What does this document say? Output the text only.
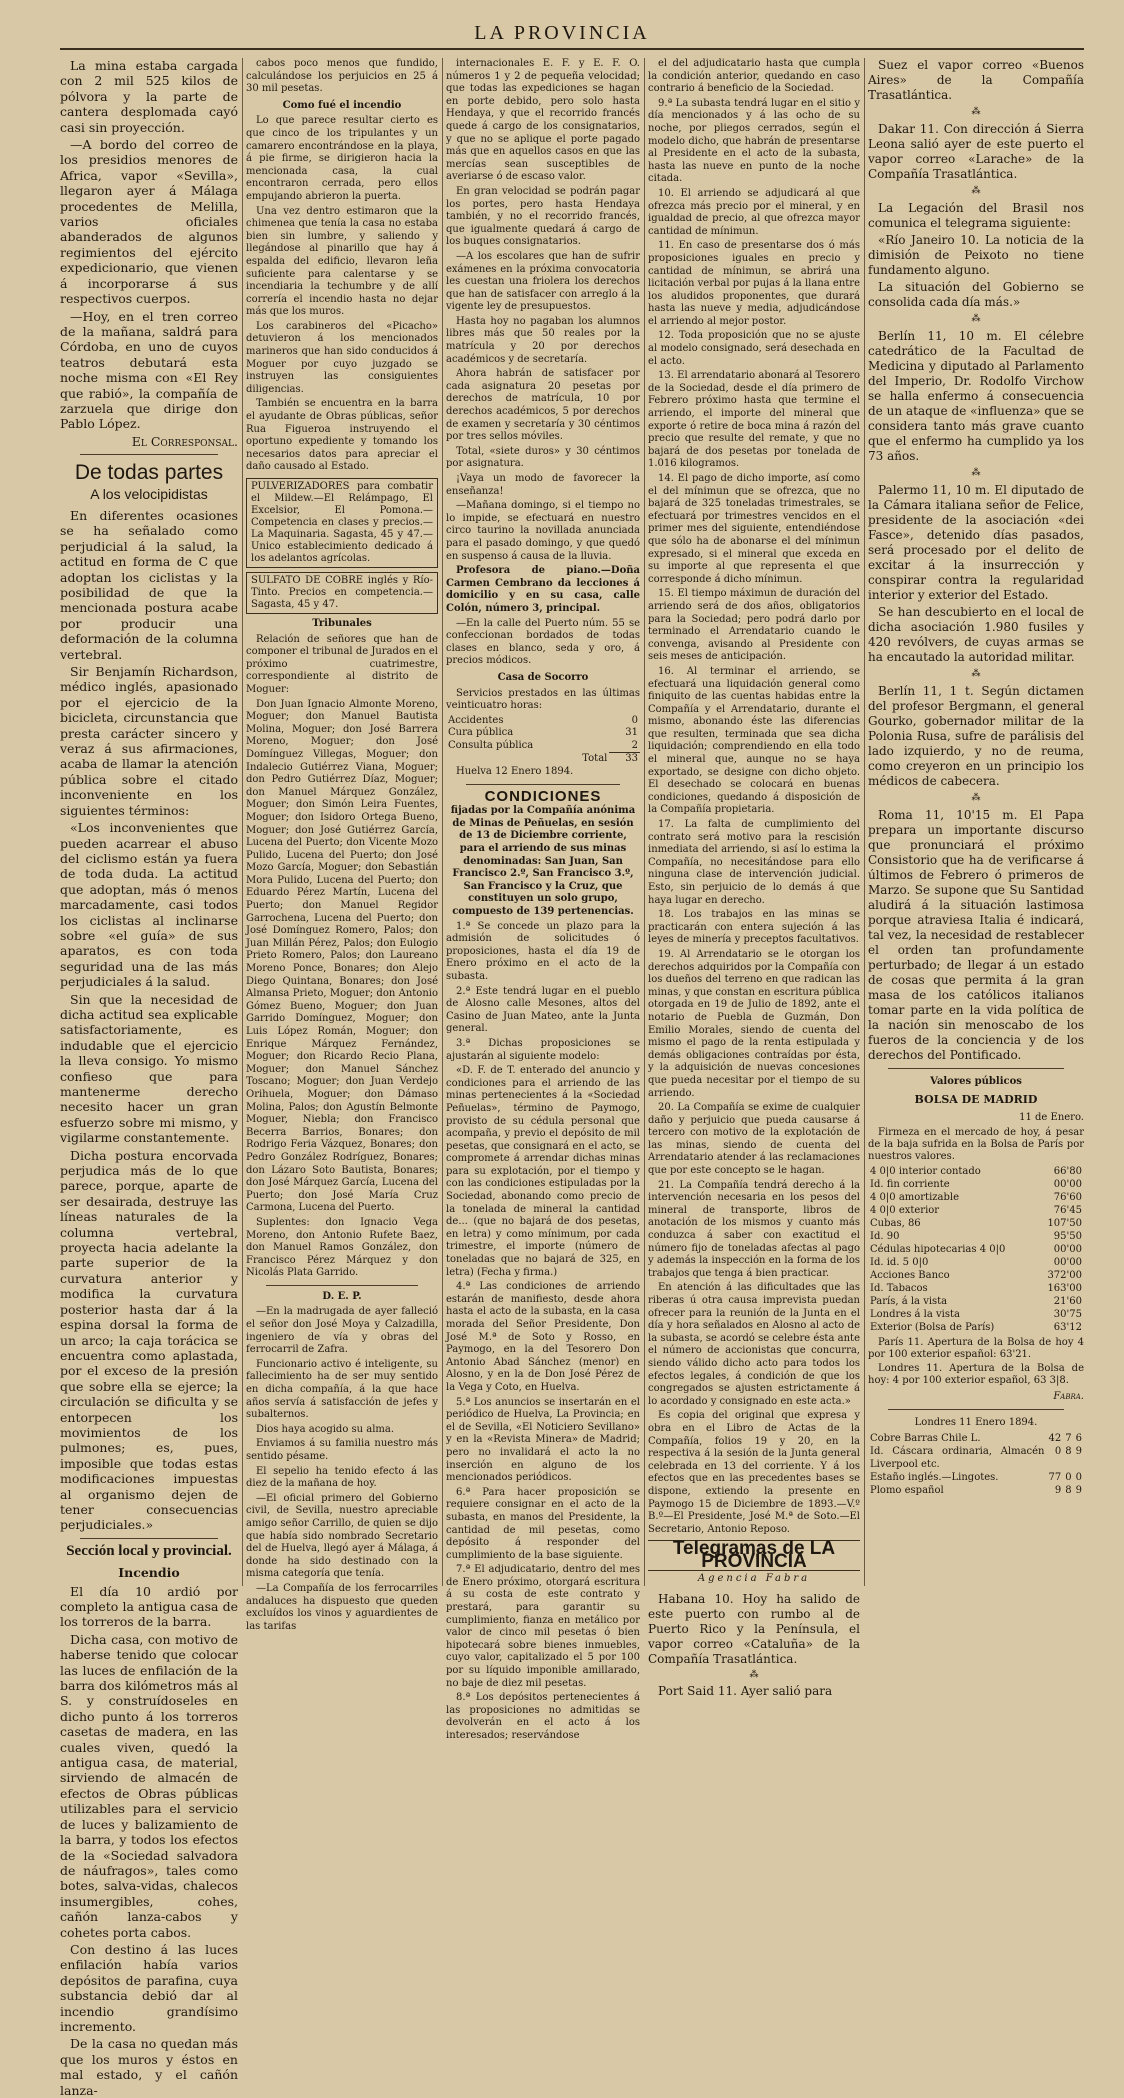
LA PROVINCIA

La mina estaba cargada con 2 mil 525 kilos de pólvora y la parte de cantera desplomada cayó casi sin proyección.

—A bordo del correo de los presidios menores de Africa, vapor «Sevilla», llegaron ayer á Málaga procedentes de Melilla, varios oficiales abanderados de algunos regimientos del ejército expedicionario, que vienen á incorporarse á sus respectivos cuerpos.

—Hoy, en el tren correo de la mañana, saldrá para Córdoba, en uno de cuyos teatros debutará esta noche misma con «El Rey que rabió», la compañía de zarzuela que dirige don Pablo López.

El Corresponsal.

De todas partes
A los velocipidistas

En diferentes ocasiones se ha señalado como perjudicial á la salud, la actitud en forma de C que adoptan los ciclistas y la posibilidad de que la mencionada postura acabe por producir una deformación de la columna vertebral.

Sir Benjamín Richardson, médico inglés, apasionado por el ejercicio de la bicicleta, circunstancia que presta carácter sincero y veraz á sus afirmaciones, acaba de llamar la atención pública sobre el citado inconveniente en los siguientes términos:

«Los inconvenientes que pueden acarrear el abuso del ciclismo están ya fuera de toda duda. La actitud que adoptan, más ó menos marcadamente, casi todos los ciclistas al inclinarse sobre «el guía» de sus aparatos, es con toda seguridad una de las más perjudiciales á la salud.

Sin que la necesidad de dicha actitud sea explicable satisfactoriamente, es indudable que el ejercicio la lleva consigo. Yo mismo confieso que para mantenerme derecho necesito hacer un gran esfuerzo sobre mi mismo, y vigilarme constantemente.

Dicha postura encorvada perjudica más de lo que parece, porque, aparte de ser desairada, destruye las líneas naturales de la columna vertebral, proyecta hacia adelante la parte superior de la curvatura anterior y modifica la curvatura posterior hasta dar á la espina dorsal la forma de un arco; la caja torácica se encuentra como aplastada, por el exceso de la presión que sobre ella se ejerce; la circulación se dificulta y se entorpecen los movimientos de los pulmones; es, pues, imposible que todas estas modificaciones impuestas al organismo dejen de tener consecuencias perjudiciales.»

Sección local y provincial.
Incendio

El día 10 ardió por completo la antigua casa de los torreros de la barra.

Dicha casa, con motivo de haberse tenido que colocar las luces de enfilación de la barra dos kilómetros más al S. y construídoseles en dicho punto á los torreros casetas de madera, en las cuales viven, quedó la antigua casa, de material, sirviendo de almacén de efectos de Obras públicas utilizables para el servicio de luces y balizamiento de la barra, y todos los efectos de la «Sociedad salvadora de náufragos», tales como botes, salva-vidas, chalecos insumergibles, cohes, cañón lanza-cabos y cohetes porta cabos.

Con destino á las luces enfilación había varios depósitos de parafina, cuya substancia debió dar al incendio grandísimo incremento.

De la casa no quedan más que los muros y éstos en mal estado, y el cañón lanza-

cabos poco menos que fundido, calculándose los perjuicios en 25 á 30 mil pesetas.

Como fué el incendio

Lo que parece resultar cierto es que cinco de los tripulantes y un camarero encontrándose en la playa, á pie firme, se dirigieron hacia la mencionada casa, la cual encontraron cerrada, pero ellos empujando abrieron la puerta.

Una vez dentro estimaron que la chimenea que tenía la casa no estaba bien sin lumbre, y saliendo y llegándose al pinarillo que hay á espalda del edificio, llevaron leña suficiente para calentarse y se incendiaria la techumbre y de allí correría el incendio hasta no dejar más que los muros.

Los carabineros del «Picacho» detuvieron á los mencionados marineros que han sido conducidos á Moguer por cuyo juzgado se instruyen las consiguientes diligencias.

También se encuentra en la barra el ayudante de Obras públicas, señor Rua Figueroa instruyendo el oportuno expediente y tomando los necesarios datos para apreciar el daño causado al Estado.

PULVERIZADORES para combatir el Mildew.—El Relámpago, El Excelsior, El Pomona.—Competencia en clases y precios.—La Maquinaria. Sagasta, 45 y 47.—Unico establecimiento dedicado á los adelantos agrícolas.
SULFATO DE COBRE inglés y Río-Tinto. Precios en competencia.—Sagasta, 45 y 47.
Tribunales

Relación de señores que han de componer el tribunal de Jurados en el próximo cuatrimestre, correspondiente al distrito de Moguer:

Don Juan Ignacio Almonte Moreno, Moguer; don Manuel Bautista Molina, Moguer; don José Barrera Moreno, Moguer; don José Domínguez Villegas, Moguer; don Indalecio Gutiérrez Viana, Moguer; don Pedro Gutiérrez Díaz, Moguer; don Manuel Márquez González, Moguer; don Simón Leira Fuentes, Moguer; don Isidoro Ortega Bueno, Moguer; don José Gutiérrez García, Lucena del Puerto; don Vicente Mozo Pulido, Lucena del Puerto; don José Mozo García, Moguer; don Sebastián Mora Pulido, Lucena del Puerto; don Eduardo Pérez Martín, Lucena del Puerto; don Manuel Regidor Garrochena, Lucena del Puerto; don José Domínguez Romero, Palos; don Juan Millán Pérez, Palos; don Eulogio Prieto Romero, Palos; don Laureano Moreno Ponce, Bonares; don Alejo Diego Quintana, Bonares; don José Almansa Prieto, Moguer; don Antonio Gómez Bueno, Moguer; don Juan Garrido Domínguez, Moguer; don Luis López Román, Moguer; don Enrique Márquez Fernández, Moguer; don Ricardo Recio Plana, Moguer; don Manuel Sánchez Toscano; Moguer; don Juan Verdejo Orihuela, Moguer; don Dámaso Molina, Palos; don Agustín Belmonte Moguer, Niebla; don Francisco Becerra Barrios, Bonares; don Rodrigo Feria Vázquez, Bonares; don Pedro González Rodríguez, Bonares; don Lázaro Soto Bautista, Bonares; don José Márquez García, Lucena del Puerto; don José María Cruz Carmona, Lucena del Puerto.

Suplentes: don Ignacio Vega Moreno, don Antonio Rufete Baez, don Manuel Ramos González, don Francisco Pérez Márquez y don Nicolás Plata Garrido.

D. E. P.

—En la madrugada de ayer falleció el señor don José Moya y Calzadilla, ingeniero de vía y obras del ferrocarril de Zafra.

Funcionario activo é inteligente, su fallecimiento ha de ser muy sentido en dicha compañía, á la que hace años servía á satisfacción de jefes y subalternos.

Dios haya acogido su alma.

Enviamos á su familia nuestro más sentido pésame.

El sepelio ha tenido efecto á las diez de la mañana de hoy.

—El oficial primero del Gobierno civil, de Sevilla, nuestro apreciable amigo señor Carrillo, de quien se dijo que había sido nombrado Secretario del de Huelva, llegó ayer á Málaga, á donde ha sido destinado con la misma categoría que tenía.

—La Compañía de los ferrocarriles andaluces ha dispuesto que queden excluídos los vinos y aguardientes de las tarifas

internacionales E. F. y E. F. O. números 1 y 2 de pequeña velocidad; que todas las expediciones se hagan en porte debido, pero solo hasta Hendaya, y que el recorrido francés quede á cargo de los consignatarios, y que no se aplique el porte pagado más que en aquellos casos en que las mercías sean susceptibles de averiarse ó de escaso valor.

En gran velocidad se podrán pagar los portes, pero hasta Hendaya también, y no el recorrido francés, que igualmente quedará á cargo de los buques consignatarios.

—A los escolares que han de sufrir exámenes en la próxima convocatoria les cuestan una friolera los derechos que han de satisfacer con arreglo á la vigente ley de presupuestos.

Hasta hoy no pagaban los alumnos libres más que 50 reales por la matrícula y 20 por derechos académicos y de secretaría.

Ahora habrán de satisfacer por cada asignatura 20 pesetas por derechos de matrícula, 10 por derechos académicos, 5 por derechos de examen y secretaría y 30 céntimos por tres sellos móviles.

Total, «siete duros» y 30 céntimos por asignatura.

¡Vaya un modo de favorecer la enseñanza!

—Mañana domingo, si el tiempo no lo impide, se efectuará en nuestro circo taurino la novillada anunciada para el pasado domingo, y que quedó en suspenso á causa de la lluvia.

Profesora de piano.—Doña Carmen Cembrano da lecciones á domicilio y en su casa, calle Colón, número 3, principal.

—En la calle del Puerto núm. 55 se confeccionan bordados de todas clases en blanco, seda y oro, á precios módicos.

Casa de Socorro

Servicios prestados en las últimas veinticuatro horas:

Accidentes	0
Cura pública	31
Consulta pública	2
Total	33

Huelva 12 Enero 1894.

CONDICIONES

fijadas por la Compañía anónima de Minas de Peñuelas, en sesión de 13 de Diciembre corriente, para el arriendo de sus minas denominadas: San Juan, San Francisco 2.º, San Francisco 3.º, San Francisco y la Cruz, que constituyen un solo grupo, compuesto de 139 pertenencias.

1.ª Se concede un plazo para la admisión de solicitudes ó proposiciones, hasta el día 19 de Enero próximo en el acto de la subasta.

2.ª Este tendrá lugar en el pueblo de Alosno calle Mesones, altos del Casino de Juan Mateo, ante la Junta general.

3.ª Dichas proposiciones se ajustarán al siguiente modelo:

«D. F. de T. enterado del anuncio y condiciones para el arriendo de las minas pertenecientes á la «Sociedad Peñuelas», término de Paymogo, provisto de su cédula personal que acompaña, y previo el depósito de mil pesetas, que consignará en el acto, se compromete á arrendar dichas minas para su explotación, por el tiempo y con las condiciones estipuladas por la Sociedad, abonando como precio de la tonelada de mineral la cantidad de... (que no bajará de dos pesetas, en letra) y como mínimum, por cada trimestre, el importe (número de toneladas que no bajará de 325, en letra) (Fecha y firma.)

4.ª Las condiciones de arriendo estarán de manifiesto, desde ahora hasta el acto de la subasta, en la casa morada del Señor Presidente, Don José M.ª de Soto y Rosso, en Paymogo, en la del Tesorero Don Antonio Abad Sánchez (menor) en Alosno, y en la de Don José Pérez de la Vega y Coto, en Huelva.

5.ª Los anuncios se insertarán en el periódico de Huelva, La Provincia; en el de Sevilla, «El Noticiero Sevillano» y en la «Revista Minera» de Madrid; pero no invalidará el acto la no inserción en alguno de los mencionados periódicos.

6.ª Para hacer proposición se requiere consignar en el acto de la subasta, en manos del Presidente, la cantidad de mil pesetas, como depósito á responder del cumplimiento de la base siguiente.

7.ª El adjudicatario, dentro del mes de Enero próximo, otorgará escritura á su costa de este contrato y prestará, para garantir su cumplimiento, fianza en metálico por valor de cinco mil pesetas ó bien hipotecará sobre bienes inmuebles, cuyo valor, capitalizado el 5 por 100 por su líquido imponible amillarado, no baje de diez mil pesetas.

8.ª Los depósitos pertenecientes á las proposiciones no admitidas se devolverán en el acto á los interesados; reservándose

el del adjudicatario hasta que cumpla la condición anterior, quedando en caso contrario á beneficio de la Sociedad.

9.ª La subasta tendrá lugar en el sitio y día mencionados y á las ocho de su noche, por pliegos cerrados, según el modelo dicho, que habrán de presentarse al Presidente en el acto de la subasta, hasta las nueve en punto de la noche citada.

10. El arriendo se adjudicará al que ofrezca más precio por el mineral, y en igualdad de precio, al que ofrezca mayor cantidad de mínimun.

11. En caso de presentarse dos ó más proposiciones iguales en precio y cantidad de mínimun, se abrirá una licitación verbal por pujas á la llana entre los aludidos proponentes, que durará hasta las nueve y media, adjudicándose el arriendo al mejor postor.

12. Toda proposición que no se ajuste al modelo consignado, será desechada en el acto.

13. El arrendatario abonará al Tesorero de la Sociedad, desde el día primero de Febrero próximo hasta que termine el arriendo, el importe del mineral que exporte ó retire de boca mina á razón del precio que resulte del remate, y que no bajará de dos pesetas por tonelada de 1.016 kilogramos.

14. El pago de dicho importe, así como el del mínimun que se ofrezca, que no bajará de 325 toneladas trimestrales, se efectuará por trimestres vencidos en el primer mes del siguiente, entendiéndose que sólo ha de abonarse el del mínimun expresado, si el mineral que exceda en su importe al que representa el que corresponde á dicho mínimun.

15. El tiempo máximun de duración del arriendo será de dos años, obligatorios para la Sociedad; pero podrá darlo por terminado el Arrendatario cuando le convenga, avisando al Presidente con seis meses de anticipación.

16. Al terminar el arriendo, se efectuará una liquidación general como finiquito de las cuentas habidas entre la Compañía y el Arrendatario, durante el mismo, abonando éste las diferencias que resulten, terminada que sea dicha liquidación; comprendiendo en ella todo el mineral que, aunque no se haya exportado, se designe con dicho objeto. El desechado se colocará en buenas condiciones, quedando á disposición de la Compañía propietaria.

17. La falta de cumplimiento del contrato será motivo para la rescisión inmediata del arriendo, si así lo estima la Compañía, no necesitándose para ello ninguna clase de intervención judicial. Esto, sin perjuicio de lo demás á que haya lugar en derecho.

18. Los trabajos en las minas se practicarán con entera sujeción á las leyes de minería y preceptos facultativos.

19. Al Arrendatario se le otorgan los derechos adquiridos por la Compañía con los dueños del terreno en que radican las minas, y que constan en escritura pública otorgada en 19 de Julio de 1892, ante el notario de Puebla de Guzmán, Don Emilio Morales, siendo de cuenta del mismo el pago de la renta estipulada y demás obligaciones contraídas por ésta, y la adquisición de nuevas concesiones que pueda necesitar por el tiempo de su arriendo.

20. La Compañía se exime de cualquier daño y perjuicio que pueda causarse á tercero con motivo de la explotación de las minas, siendo de cuenta del Arrendatario atender á las reclamaciones que por este concepto se le hagan.

21. La Compañía tendrá derecho á la intervención necesaria en los pesos del mineral de transporte, libros de anotación de los mismos y cuanto más conduzca á saber con exactitud el número fijo de toneladas afectas al pago y además la inspección en la forma de los trabajos que tenga á bien practicar.

En atención á las dificultades que las riberas ú otra causa imprevista puedan ofrecer para la reunión de la Junta en el día y hora señalados en Alosno al acto de la subasta, se acordó se celebre ésta ante el número de accionistas que concurra, siendo válido dicho acto para todos los efectos legales, á condición de que los congregados se ajusten estrictamente á lo acordado y consignado en este acta.»

Es copia del original que expresa y obra en el Libro de Actas de la Compañía, folios 19 y 20, en la respectiva á la sesión de la Junta general celebrada en 13 del corriente. Y á los efectos que en las precedentes bases se dispone, extiendo la presente en Paymogo 15 de Diciembre de 1893.—V.º B.º—El Presidente, José M.ª de Soto.—El Secretario, Antonio Reposo.

Telegramas de LA PROVINCIA
Agencia Fabra

Habana 10. Hoy ha salido de este puerto con rumbo al de Puerto Rico y la Península, el vapor correo «Cataluña» de la Compañía Trasatlántica.

⁂

Port Said 11. Ayer salió para

Suez el vapor correo «Buenos Aires» de la Compañía Trasatlántica.

⁂

Dakar 11. Con dirección á Sierra Leona salió ayer de este puerto el vapor correo «Larache» de la Compañía Trasatlántica.

⁂

La Legación del Brasil nos comunica el telegrama siguiente:

«Río Janeiro 10. La noticia de la dimisión de Peixoto no tiene fundamento alguno.

La situación del Gobierno se consolida cada día más.»

⁂

Berlín 11, 10 m. El célebre catedrático de la Facultad de Medicina y diputado al Parlamento del Imperio, Dr. Rodolfo Virchow se halla enfermo á consecuencia de un ataque de «influenza» que se considera tanto más grave cuanto que el enfermo ha cumplido ya los 73 años.

⁂

Palermo 11, 10 m. El diputado de la Cámara italiana señor de Felice, presidente de la asociación «dei Fasce», detenido días pasados, será procesado por el delito de excitar á la insurrección y conspirar contra la regularidad interior y exterior del Estado.

Se han descubierto en el local de dicha asociación 1.980 fusiles y 420 revólvers, de cuyas armas se ha encautado la autoridad militar.

⁂

Berlín 11, 1 t. Según dictamen del profesor Bergmann, el general Gourko, gobernador militar de la Polonia Rusa, sufre de parálisis del lado izquierdo, y no de reuma, como creyeron en un principio los médicos de cabecera.

⁂

Roma 11, 10'15 m. El Papa prepara un importante discurso que pronunciará el próximo Consistorio que ha de verificarse á últimos de Febrero ó primeros de Marzo. Se supone que Su Santidad aludirá á la situación lastimosa porque atraviesa Italia é indicará, tal vez, la necesidad de restablecer el orden tan profundamente perturbado; de llegar á un estado de cosas que permita á la gran masa de los católicos italianos tomar parte en la vida política de la nación sin menoscabo de los fueros de la conciencia y de los derechos del Pontificado.

Valores públicos
BOLSA DE MADRID

11 de Enero.

Firmeza en el mercado de hoy, á pesar de la baja sufrida en la Bolsa de París por nuestros valores.

4 0|0 interior contado	66'80
Id. fin corriente	00'00
4 0|0 amortizable	76'60
4 0|0 exterior	76'45
Cubas, 86	107'50
Id. 90	95'50
Cédulas hipotecarias 4 0|0	00'00
Id. id. 5 0|0	00'00
Acciones Banco	372'00
Id. Tabacos	163'00
París, á la vista	21'60
Londres á la vista	30'75
Exterior (Bolsa de París)	63'12

París 11. Apertura de la Bolsa de hoy 4 por 100 exterior español: 63'21.

Londres 11. Apertura de la Bolsa de hoy: 4 por 100 exterior español, 63 3|8.

Fabra.

Londres 11 Enero 1894.

Cobre Barras Chile L.	42	7	6
Id. Cáscara ordinaria, Almacén Liverpool etc.	0	8	9
Estaño inglés.—Lingotes.	77	0	0
Plomo español	9	8	9
